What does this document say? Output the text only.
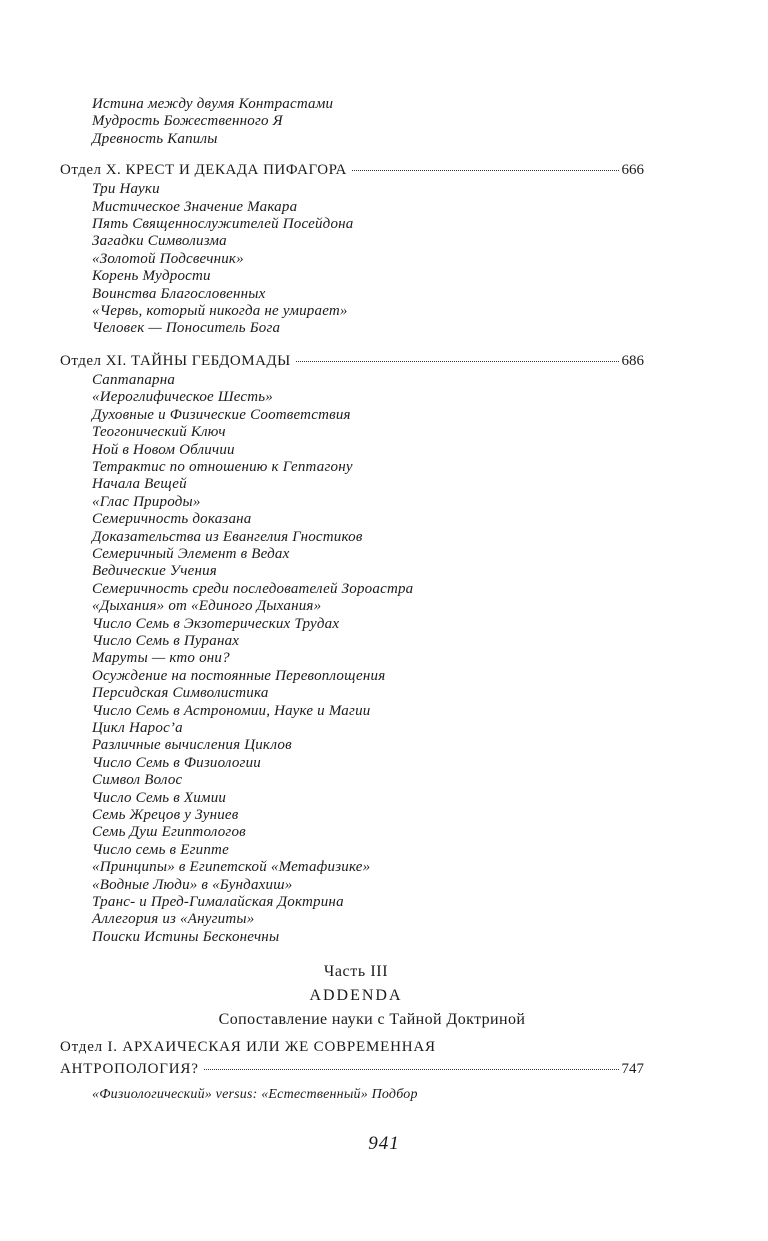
Истина между двумя Контрастами
Мудрость Божественного Я
Древность Капилы
Отдел X. КРЕСТ И ДЕКАДА ПИФАГОРА	666
Три Науки
Мистическое Значение Макара
Пять Священнослужителей Посейдона
Загадки Символизма
«Золотой Подсвечник»
Корень Мудрости
Воинства Благословенных
«Червь, который никогда не умирает»
Человек — Поноситель Бога
Отдел XI. ТАЙНЫ ГЕБДОМАДЫ	686
Саптапарна
«Иероглифическое Шесть»
Духовные и Физические Соответствия
Теогонический Ключ
Ной в Новом Обличии
Тетрактис по отношению к Гептагону
Начала Вещей
«Глас Природы»
Семеричность доказана
Доказательства из Евангелия Гностиков
Семеричный Элемент в Ведах
Ведические Учения
Семеричность среди последователей Зороастра
«Дыхания» от «Единого Дыхания»
Число Семь в Экзотерических Трудах
Число Семь в Пуранах
Маруты — кто они?
Осуждение на постоянные Перевоплощения
Персидская Символистика
Число Семь в Астрономии, Науке и Магии
Цикл Нарос’а
Различные вычисления Циклов
Число Семь в Физиологии
Символ Волос
Число Семь в Химии
Семь Жрецов у Зуниев
Семь Душ Египтологов
Число семь в Египте
«Принципы» в Египетской «Метафизике»
«Водные Люди» в «Бундахиш»
Транс- и Пред-Гималайская Доктрина
Аллегория из «Анугиты»
Поиски Истины Бесконечны
Часть III
ADDENDA
Сопоставление науки с Тайной Доктриной
Отдел I. АРХАИЧЕСКАЯ ИЛИ ЖЕ СОВРЕМЕННАЯ
АНТРОПОЛОГИЯ?	747
«Физиологический» versus: «Естественный» Подбор
941
